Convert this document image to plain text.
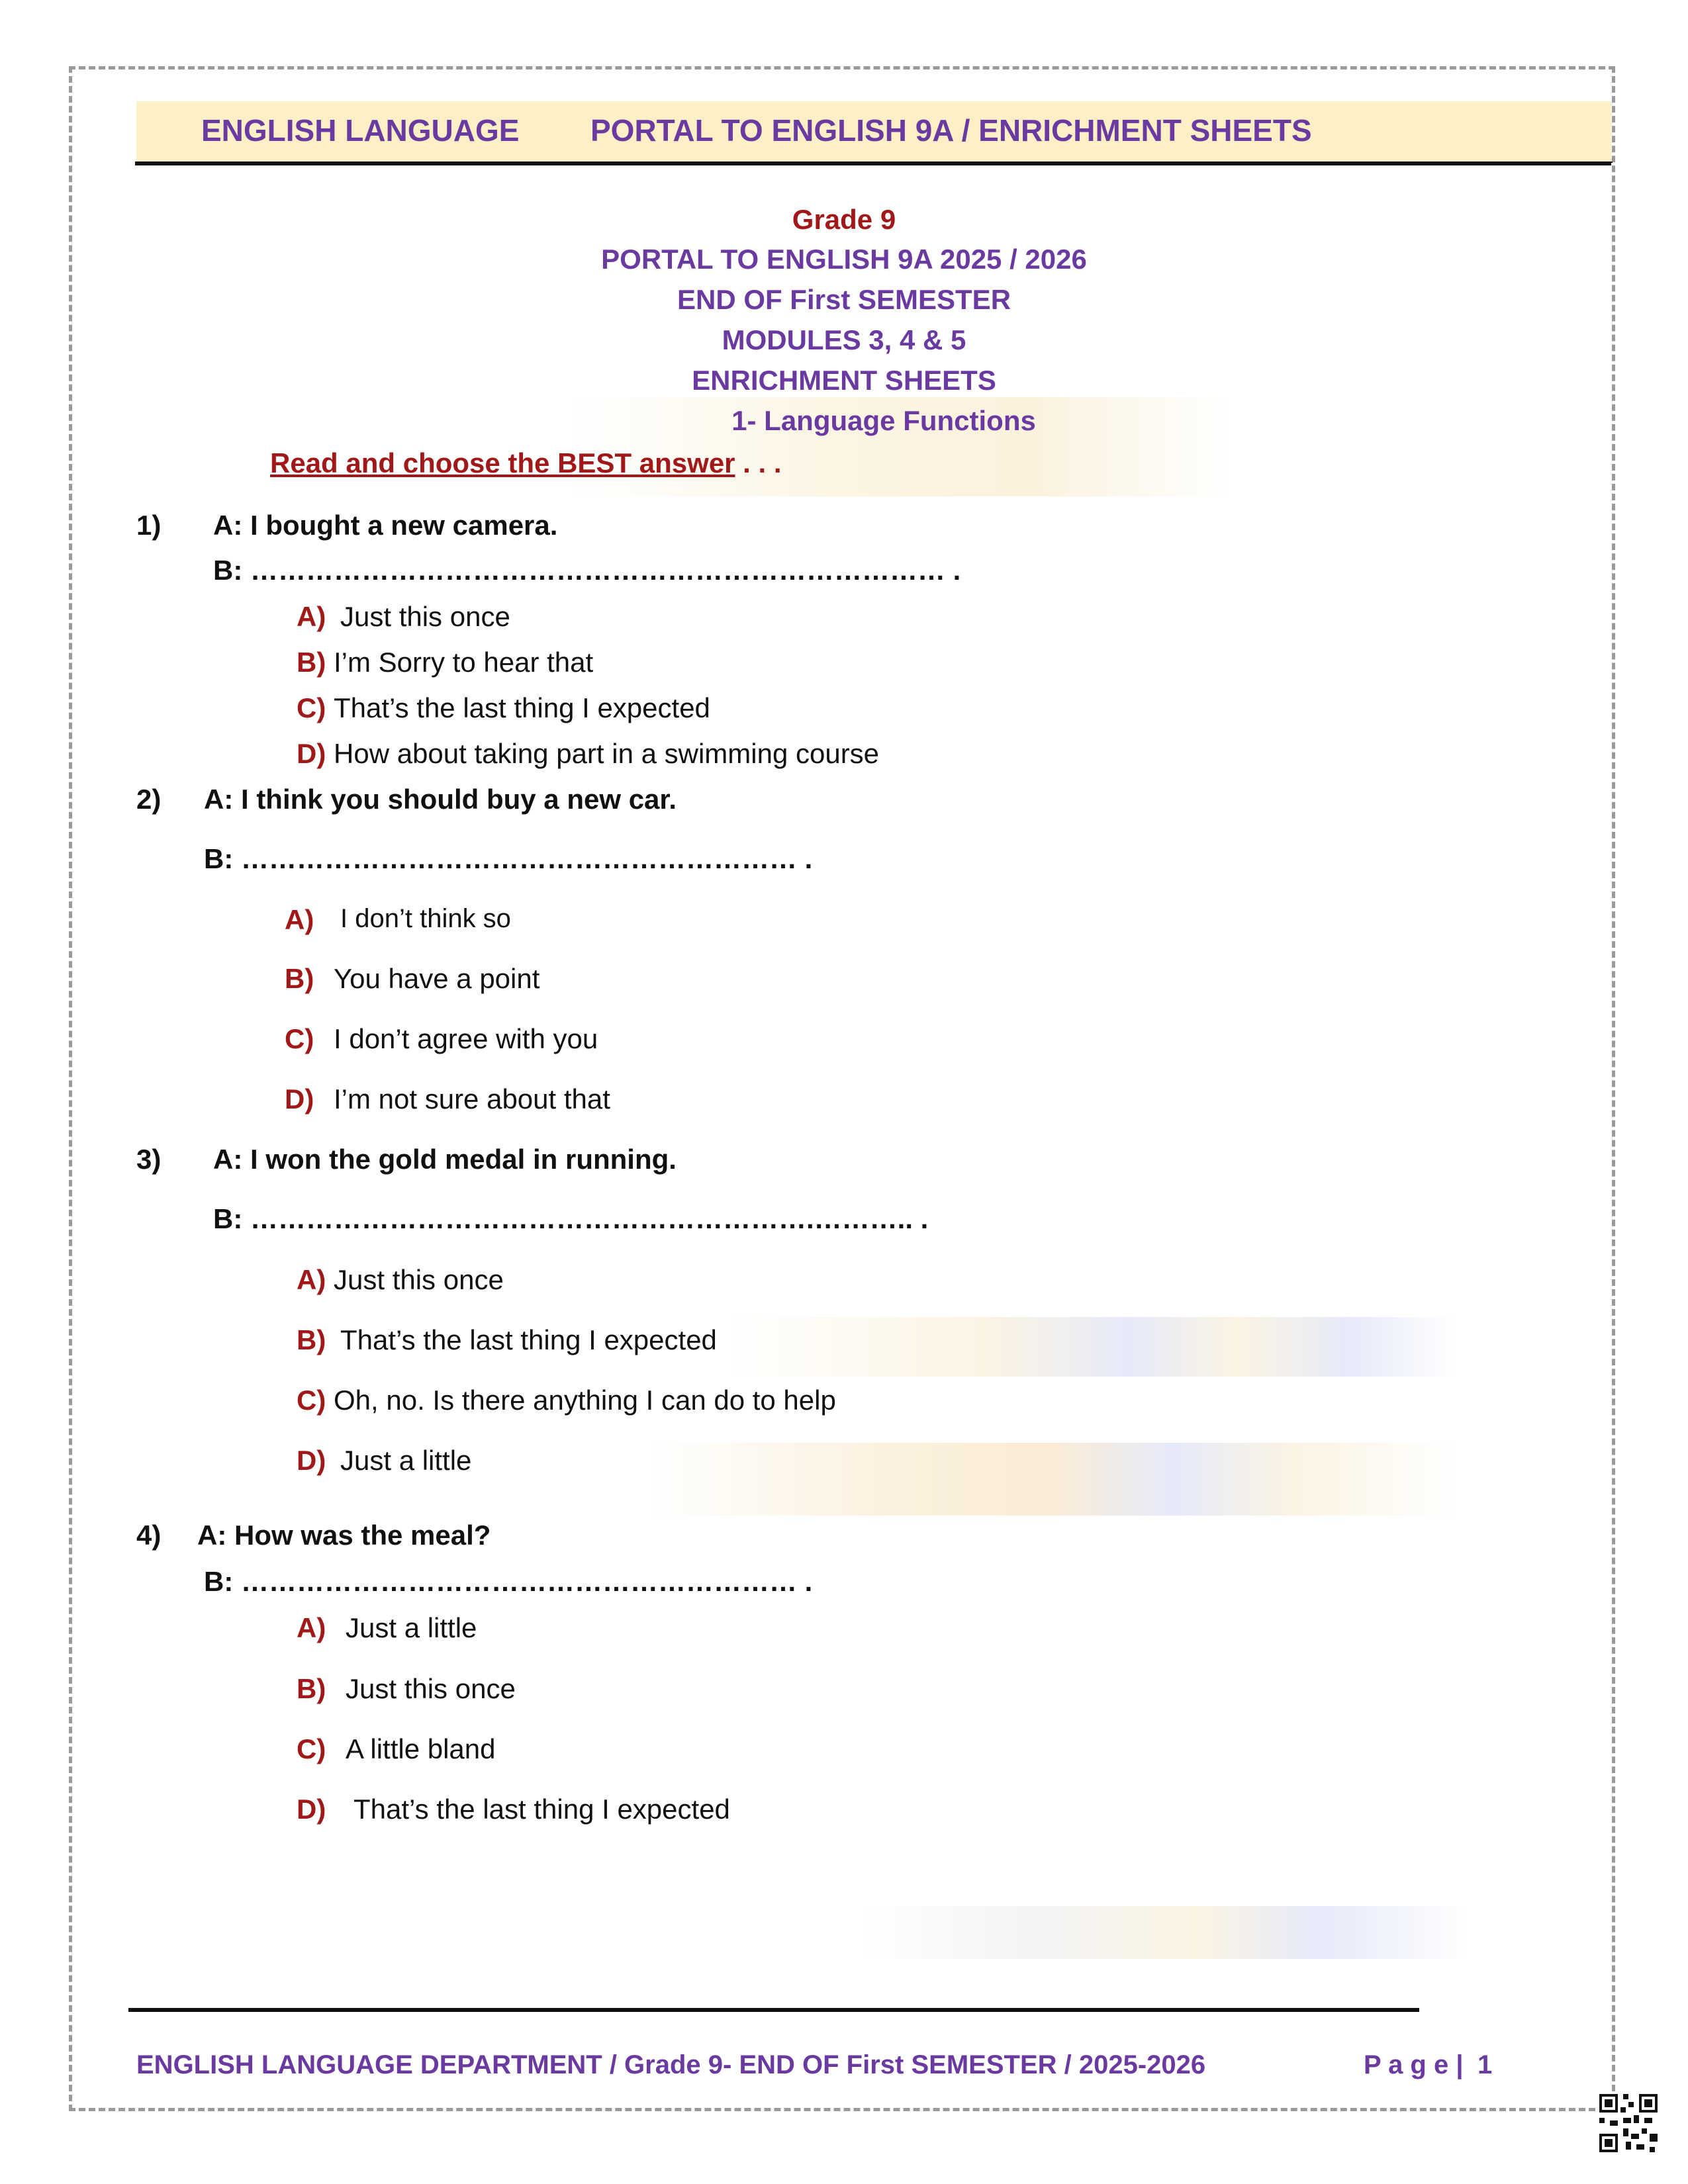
ENGLISH LANGUAGE PORTAL TO ENGLISH 9A / ENRICHMENT SHEETS
Grade 9
PORTAL TO ENGLISH 9A 2025 / 2026
END OF First SEMESTER
MODULES 3, 4 & 5
ENRICHMENT SHEETS
1- Language Functions
Read and choose the BEST answer . . .
1) A: I bought a new camera.
B: ………………………………………………………………… .
A) Just this once
B) I’m Sorry to hear that
C) That’s the last thing I expected
D) How about taking part in a swimming course
2) A: I think you should buy a new car.
B: …………………………………………………… .
A) I don’t think so
B) You have a point
C) I don’t agree with you
D) I’m not sure about that
3) A: I won the gold medal in running.
B: …………………………………………………….……….. .
A) Just this once
B) That’s the last thing I expected
C) Oh, no. Is there anything I can do to help
D) Just a little
4) A: How was the meal?
B: …………………………………………………… .
A) Just a little
B) Just this once
C) A little bland
D) That’s the last thing I expected
ENGLISH LANGUAGE DEPARTMENT / Grade 9- END OF First SEMESTER / 2025-2026	P a g e | 1
